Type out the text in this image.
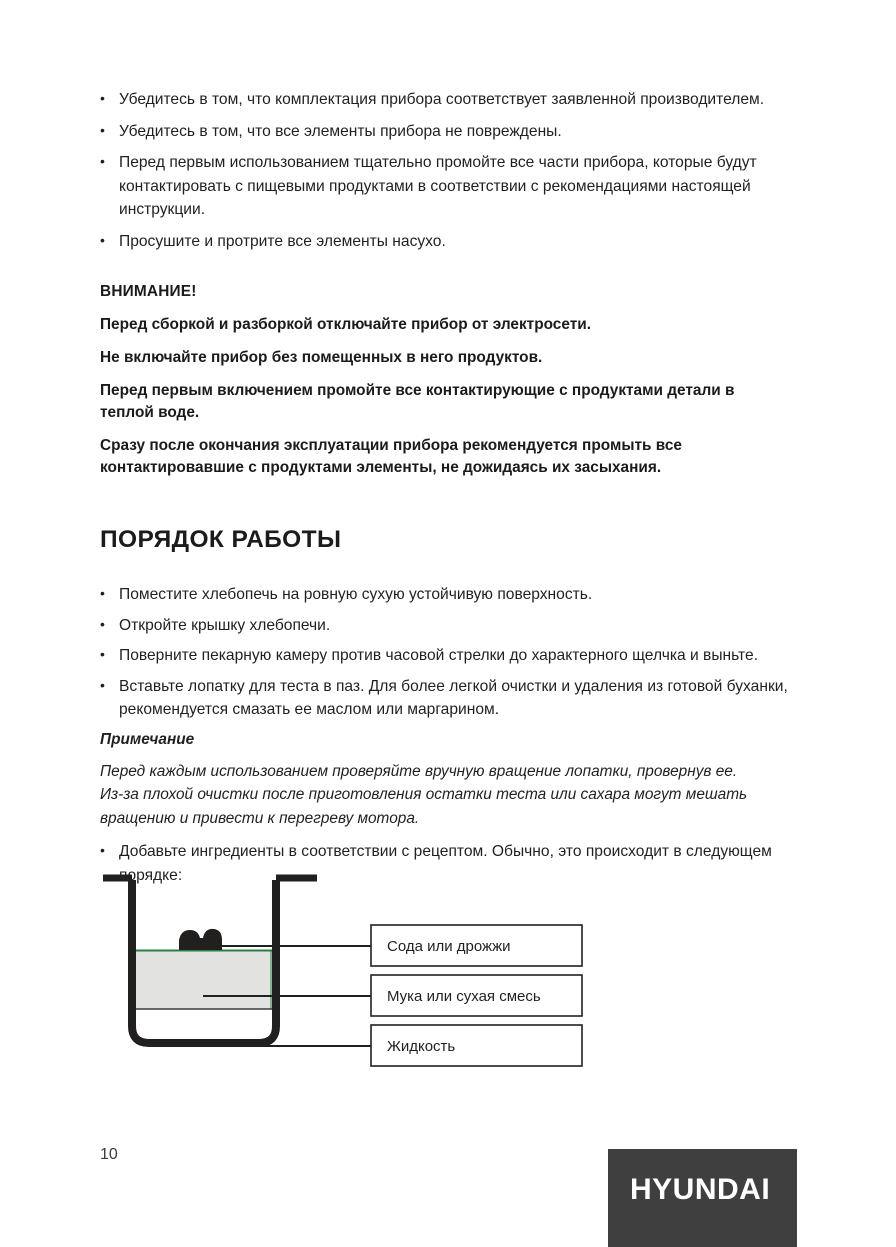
• Убедитесь в том, что комплектация прибора соответствует заявленной производителем.
• Убедитесь в том, что все элементы прибора не повреждены.
• Перед первым использованием тщательно промойте все части прибора, которые будут контактировать с пищевыми продуктами в соответствии с рекомендациями настоящей инструкции.
• Просушите и протрите все элементы насухо.

ВНИМАНИЕ!

Перед сборкой и разборкой отключайте прибор от электросети.

Не включайте прибор без помещенных в него продуктов.

Перед первым включением промойте все контактирующие с продуктами детали в теплой воде.

Сразу после окончания эксплуатации прибора рекомендуется промыть все контактировавшие с продуктами элементы, не дожидаясь их засыхания.

ПОРЯДОК РАБОТЫ
• Поместите хлебопечь на ровную сухую устойчивую поверхность.
• Откройте крышку хлебопечи.
• Поверните пекарную камеру против часовой стрелки до характерного щелчка и выньте.
• Вставьте лопатку для теста в паз. Для более легкой очистки и удаления из готовой буханки, рекомендуется смазать ее маслом или маргарином.
Примечание
Перед каждым использованием проверяйте вручную вращение лопатки, провернув ее. Из-за плохой очистки после приготовления остатки теста или сахара могут мешать вращению и привести к перегреву мотора.
• Добавьте ингредиенты в соответствии с рецептом. Обычно, это происходит в следующем порядке:
Сода или дрожжи
Мука или сухая смесь
Жидкость
10
HYUNDAI
